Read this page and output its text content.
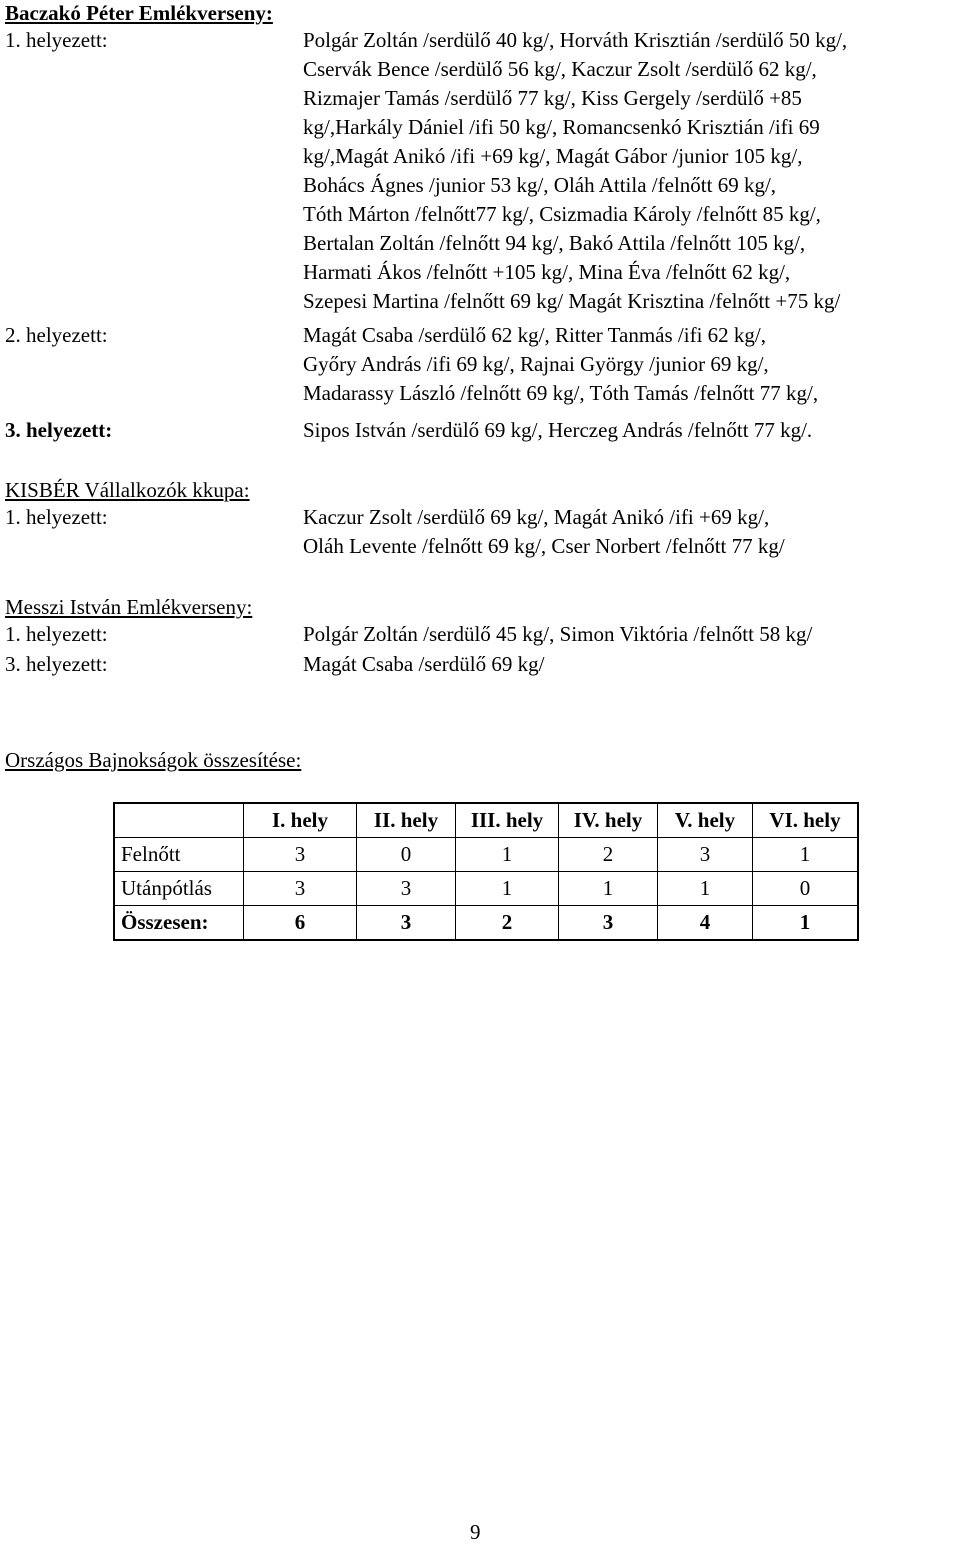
Baczakó Péter Emlékverseny:
1. helyezett:	Polgár Zoltán /serdülő 40 kg/, Horváth Krisztián /serdülő 50 kg/,
Cservák Bence /serdülő 56 kg/, Kaczur Zsolt /serdülő 62 kg/,
Rizmajer Tamás /serdülő 77 kg/, Kiss Gergely /serdülő +85
kg/,Harkály Dániel /ifi 50 kg/, Romancsenkó Krisztián /ifi 69
kg/,Magát Anikó /ifi +69 kg/, Magát Gábor /junior 105 kg/,
Bohács Ágnes /junior 53 kg/, Oláh Attila /felnőtt 69 kg/,
Tóth Márton /felnőtt77 kg/, Csizmadia Károly /felnőtt 85 kg/,
Bertalan Zoltán /felnőtt 94 kg/, Bakó Attila /felnőtt 105 kg/,
Harmati Ákos /felnőtt +105 kg/, Mina Éva /felnőtt 62 kg/,
Szepesi Martina /felnőtt 69 kg/ Magát Krisztina /felnőtt +75 kg/
2. helyezett:	Magát Csaba /serdülő 62 kg/, Ritter Tanmás /ifi 62 kg/,
Győry András /ifi 69 kg/, Rajnai György /junior 69 kg/,
Madarassy László /felnőtt 69 kg/, Tóth Tamás /felnőtt 77 kg/,
3. helyezett:	Sipos István /serdülő 69 kg/, Herczeg András /felnőtt 77 kg/.
KISBÉR Vállalkozók kkupa:
1. helyezett:	Kaczur Zsolt /serdülő 69 kg/, Magát Anikó /ifi +69 kg/,
Oláh Levente /felnőtt 69 kg/, Cser Norbert /felnőtt 77 kg/
Messzi István Emlékverseny:
1. helyezett:	Polgár Zoltán /serdülő 45 kg/, Simon Viktória /felnőtt 58 kg/
3. helyezett:	Magát Csaba /serdülő 69 kg/
Országos Bajnokságok összesítése:
	I. hely	II. hely	III. hely	IV. hely	V. hely	VI. hely
Felnőtt	3	0	1	2	3	1
Utánpótlás	3	3	1	1	1	0
Összesen:	6	3	2	3	4	1
9
